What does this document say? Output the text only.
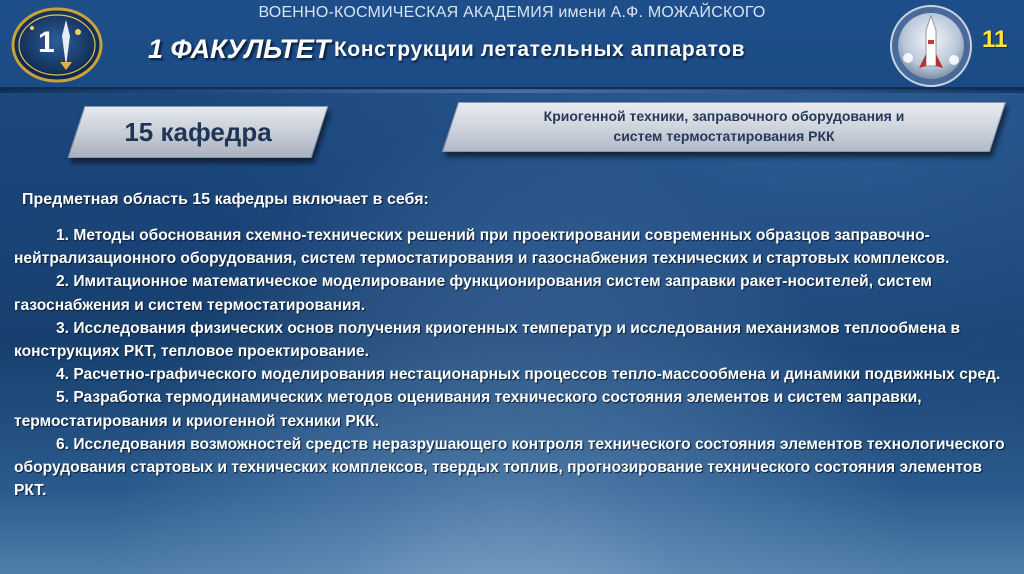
1
ВОЕННО-КОСМИЧЕСКАЯ АКАДЕМИЯ имени А.Ф. МОЖАЙСКОГО
1 ФАКУЛЬТЕТ Конструкции летательных аппаратов	11
15 кафедра
Криогенной техники, заправочного оборудования и
систем термостатирования РКК
Предметная область 15 кафедры включает в себя:
1. Методы обоснования схемно-технических решений при проектировании современных образцов заправочно-нейтрализационного оборудования, систем термостатирования и газоснабжения технических и стартовых комплексов.
2. Имитационное математическое моделирование функционирования систем заправки ракет-носителей, систем газоснабжения и систем термостатирования.
3. Исследования физических основ получения криогенных температур и исследования механизмов теплообмена в конструкциях РКТ, тепловое проектирование.
4. Расчетно-графического моделирования нестационарных процессов тепло-массообмена и динамики подвижных сред.
5. Разработка термодинамических методов оценивания технического состояния элементов и систем заправки, термостатирования и криогенной техники РКК.
6. Исследования возможностей средств неразрушающего контроля технического состояния элементов технологического оборудования стартовых и технических комплексов, твердых топлив, прогнозирование технического состояния элементов РКТ.
